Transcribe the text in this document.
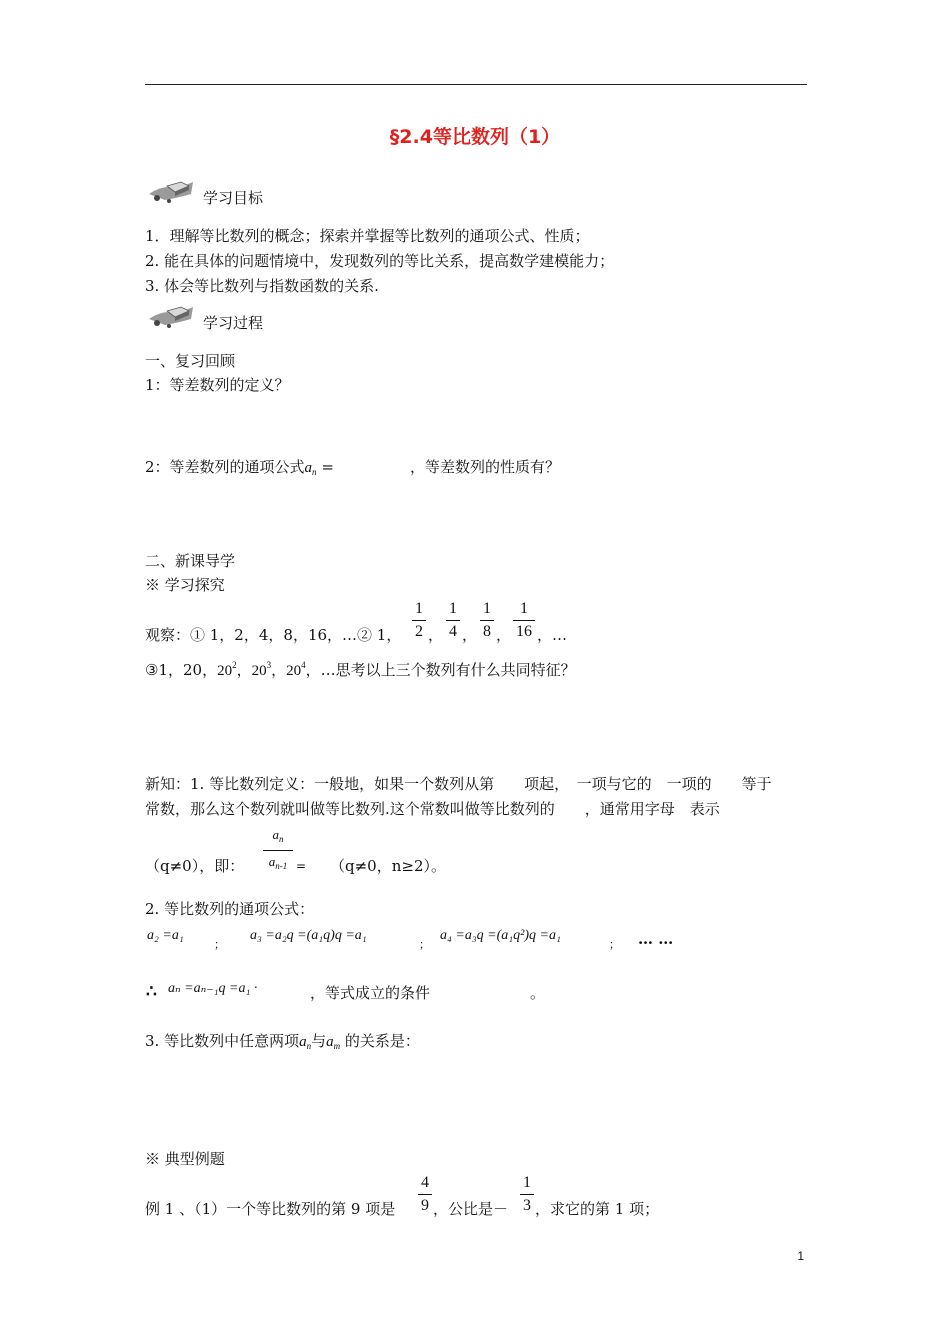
§2.4等比数列（1）
学习目标
1．理解等比数列的概念；探索并掌握等比数列的通项公式、性质；
2. 能在具体的问题情境中，发现数列的等比关系，提高数学建模能力；
3. 体会等比数列与指数函数的关系.
学习过程
一、复习回顾
1：等差数列的定义？
2：等差数列的通项公式$a_n$ =	，等差数列的性质有？
二、新课导学
※ 学习探究
观察：① 1，2，4，8，16，…② 1，
1
2 ，
1
4 ，
1
8 ，
1
16 ，…
③1，20，$20^2$，$20^3$，$20^4$，…思考以上三个数列有什么共同特征？
新知：1. 等比数列定义：一般地，如果一个数列从第　　项起，　一项与它的　一项的　　等于
常数，那么这个数列就叫做等比数列.这个常数叫做等比数列的　　，通常用字母　表示
（q≠0），即：
$a_n$
$a_{n-1} = (q\ne 0$，n≥2）。
2. 等比数列的通项公式：
a₂ =a₁
；
a₃ =a₂q =(a₁q)q =a₁
；
a₄ =a₃q =(a₁q²)q =a₁
； … …
∴ aₙ =aₙ₋₁q =a₁ ·	，等式成立的条件	。
3. 等比数列中任意两项$a_n$与$a_m$ 的关系是：
※ 典型例题
例 1 、（1）一个等比数列的第 9 项是
4
9 ，公比是－
1
3 ，求它的第 1 项；
1
